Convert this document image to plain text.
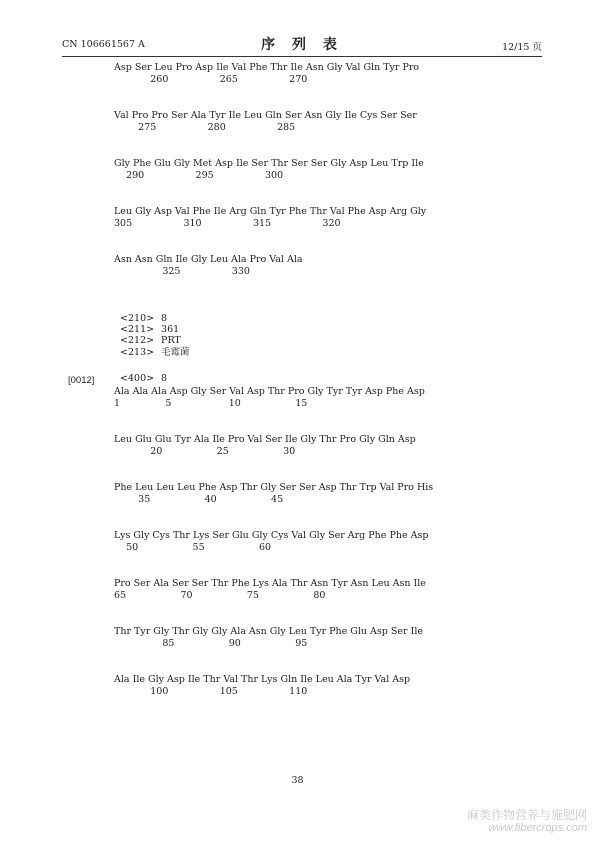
CN 106661567 A	序 列 表	12/15 页
Asp Ser Leu Pro Asp Ile Val Phe Thr Ile Asn Gly Val Gln Tyr Pro
260                 265                 270
Val Pro Pro Ser Ala Tyr Ile Leu Gln Ser Asn Gly Ile Cys Ser Ser
275                 280                 285
Gly Phe Glu Gly Met Asp Ile Ser Thr Ser Ser Gly Asp Leu Trp Ile
290                 295                 300
Leu Gly Asp Val Phe Ile Arg Gln Tyr Phe Thr Val Phe Asp Arg Gly
305                 310                 315                 320
Asn Asn Gln Ile Gly Leu Ala Pro Val Ala
325                 330

<210> 8

<211> 361

<212> PRT

<213> 毛霉菌

<400> 8

[0012]
Ala Ala Ala Asp Gly Ser Val Asp Thr Pro Gly Tyr Tyr Asp Phe Asp
1               5                   10                  15
Leu Glu Glu Tyr Ala Ile Pro Val Ser Ile Gly Thr Pro Gly Gln Asp
20                  25                  30
Phe Leu Leu Leu Phe Asp Thr Gly Ser Ser Asp Thr Trp Val Pro His
35                  40                  45
Lys Gly Cys Thr Lys Ser Glu Gly Cys Val Gly Ser Arg Phe Phe Asp
50                  55                  60
Pro Ser Ala Ser Ser Thr Phe Lys Ala Thr Asn Tyr Asn Leu Asn Ile
65                  70                  75                  80
Thr Tyr Gly Thr Gly Gly Ala Asn Gly Leu Tyr Phe Glu Asp Ser Ile
85                  90                  95
Ala Ile Gly Asp Ile Thr Val Thr Lys Gln Ile Leu Ala Tyr Val Asp
100                 105                 110
38
麻类作物营养与施肥网
www.fibercrops.com
